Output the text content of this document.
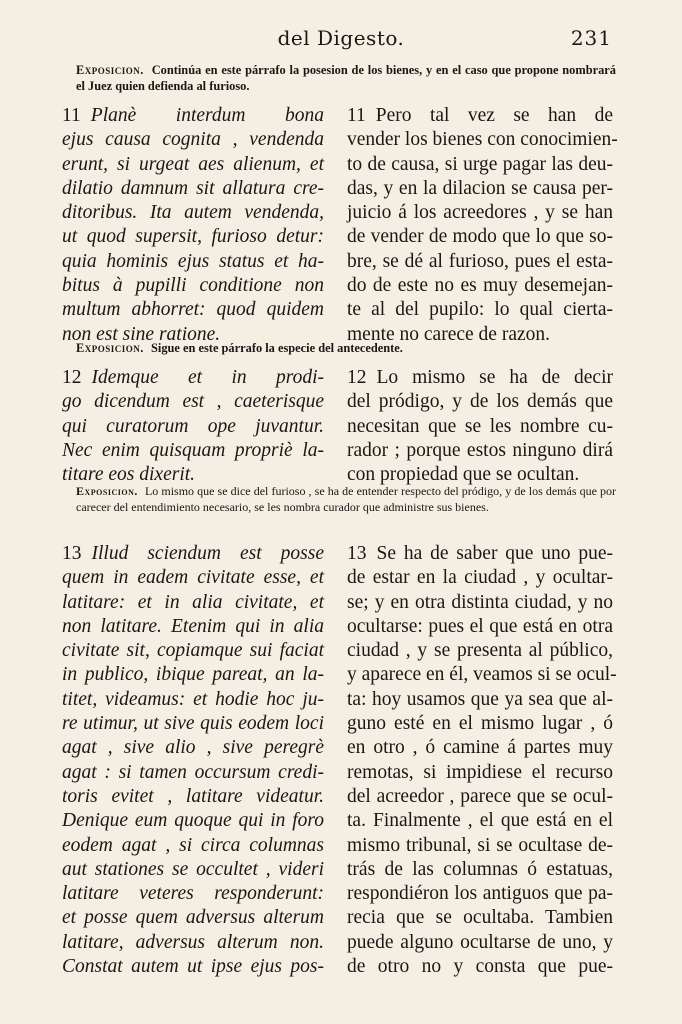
del Digesto.	231
Exposicion. Continúa en este párrafo la posesion de los bienes, y en el caso que propone nombrará el Juez quien defienda al furioso.
11 Planè interdum bona
ejus causa cognita , vendenda
erunt, si urgeat aes alienum, et
dilatio damnum sit allatura cre-
ditoribus. Ita autem vendenda,
ut quod supersit, furioso detur:
quia hominis ejus status et ha-
bitus à pupilli conditione non
multum abhorret: quod quidem
non est sine ratione.
11 Pero tal vez se han de
vender los bienes con conocimien-
to de causa, si urge pagar las deu-
das, y en la dilacion se causa per-
juicio á los acreedores , y se han
de vender de modo que lo que so-
bre, se dé al furioso, pues el esta-
do de este no es muy desemejan-
te al del pupilo: lo qual cierta-
mente no carece de razon.
Exposicion. Sigue en este párrafo la especie del antecedente.
12 Idemque et in prodi-
go dicendum est , caeterisque
qui curatorum ope juvantur.
Nec enim quisquam propriè la-
titare eos dixerit.
12 Lo mismo se ha de decir
del pródigo, y de los demás que
necesitan que se les nombre cu-
rador ; porque estos ninguno dirá
con propiedad que se ocultan.
Exposicion. Lo mismo que se dice del furioso , se ha de entender respecto del pródigo, y de los demás que por carecer del entendimiento necesario, se les nombra curador que administre sus bienes.
13 Illud sciendum est posse
quem in eadem civitate esse, et
latitare: et in alia civitate, et
non latitare. Etenim qui in alia
civitate sit, copiamque sui faciat
in publico, ibique pareat, an la-
titet, videamus: et hodie hoc ju-
re utimur, ut sive quis eodem loci
agat , sive alio , sive peregrè
agat : si tamen occursum credi-
toris evitet , latitare videatur.
Denique eum quoque qui in foro
eodem agat , si circa columnas
aut stationes se occultet , videri
latitare veteres responderunt:
et posse quem adversus alterum
latitare, adversus alterum non.
Constat autem ut ipse ejus pos-
13 Se ha de saber que uno pue-
de estar en la ciudad , y ocultar-
se; y en otra distinta ciudad, y no
ocultarse: pues el que está en otra
ciudad , y se presenta al público,
y aparece en él, veamos si se ocul-
ta: hoy usamos que ya sea que al-
guno esté en el mismo lugar , ó
en otro , ó camine á partes muy
remotas, si impidiese el recurso
del acreedor , parece que se ocul-
ta. Finalmente , el que está en el
mismo tribunal, si se ocultase de-
trás de las columnas ó estatuas,
respondiéron los antiguos que pa-
recia que se ocultaba. Tambien
puede alguno ocultarse de uno, y
de otro no y consta que pue-
